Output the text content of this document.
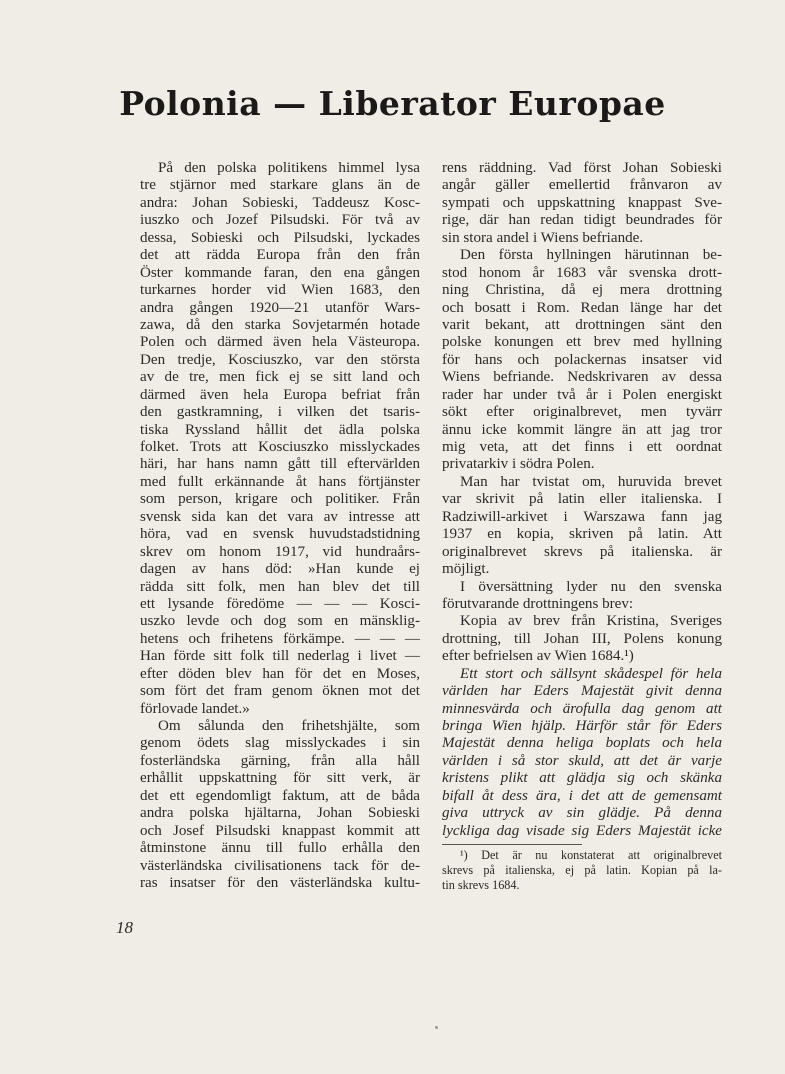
Polonia — Liberator Europae
På den polska politikens himmel lysa
tre stjärnor med starkare glans än de
andra: Johan Sobieski, Taddeusz Kosc-
iuszko och Jozef Pilsudski. För två av
dessa, Sobieski och Pilsudski, lyckades
det att rädda Europa från den från
Öster kommande faran, den ena gången
turkarnes horder vid Wien 1683, den
andra gången 1920—21 utanför Wars-
zawa, då den starka Sovjetarmén hotade
Polen och därmed även hela Västeuropa.
Den tredje, Kosciuszko, var den största
av de tre, men fick ej se sitt land och
därmed även hela Europa befriat från
den gastkramning, i vilken det tsaris-
tiska Ryssland hållit det ädla polska
folket. Trots att Kosciuszko misslyckades
häri, har hans namn gått till eftervärlden
med fullt erkännande åt hans förtjänster
som person, krigare och politiker. Från
svensk sida kan det vara av intresse att
höra, vad en svensk huvudstadstidning
skrev om honom 1917, vid hundraårs-
dagen av hans död: »Han kunde ej
rädda sitt folk, men han blev det till
ett lysande föredöme — — — Kosci-
uszko levde och dog som en mänsklig-
hetens och frihetens förkämpe. — — —
Han förde sitt folk till nederlag i livet —
efter döden blev han för det en Moses,
som fört det fram genom öknen mot det
förlovade landet.»
Om sålunda den frihetshjälte, som
genom ödets slag misslyckades i sin
fosterländska gärning, från alla håll
erhållit uppskattning för sitt verk, är
det ett egendomligt faktum, att de båda
andra polska hjältarna, Johan Sobieski
och Josef Pilsudski knappast kommit att
åtminstone ännu till fullo erhålla den
västerländska civilisationens tack för de-
ras insatser för den västerländska kultu-
rens räddning. Vad först Johan Sobieski
angår gäller emellertid frånvaron av
sympati och uppskattning knappast Sve-
rige, där han redan tidigt beundrades för
sin stora andel i Wiens befriande.
Den första hyllningen härutinnan be-
stod honom år 1683 vår svenska drott-
ning Christina, då ej mera drottning
och bosatt i Rom. Redan länge har det
varit bekant, att drottningen sänt den
polske konungen ett brev med hyllning
för hans och polackernas insatser vid
Wiens befriande. Nedskrivaren av dessa
rader har under två år i Polen energiskt
sökt efter originalbrevet, men tyvärr
ännu icke kommit längre än att jag tror
mig veta, att det finns i ett oordnat
privatarkiv i södra Polen.
Man har tvistat om, huruvida brevet
var skrivit på latin eller italienska. I
Radziwill-arkivet i Warszawa fann jag
1937 en kopia, skriven på latin. Att
originalbrevet skrevs på italienska. är
möjligt.
I översättning lyder nu den svenska
förutvarande drottningens brev:
Kopia av brev från Kristina, Sveriges
drottning, till Johan III, Polens konung
efter befrielsen av Wien 1684.¹)
Ett stort och sällsynt skådespel för hela
världen har Eders Majestät givit denna
minnesvärda och ärofulla dag genom att
bringa Wien hjälp. Härför står för Eders
Majestät denna heliga boplats och hela
världen i så stor skuld, att det är varje
kristens plikt att glädja sig och skänka
bifall åt dess ära, i det att de gemensamt
giva uttryck av sin glädje. På denna
lyckliga dag visade sig Eders Majestät icke
¹) Det är nu konstaterat att originalbrevet
skrevs på italienska, ej på latin. Kopian på la-
tin skrevs 1684.
18
